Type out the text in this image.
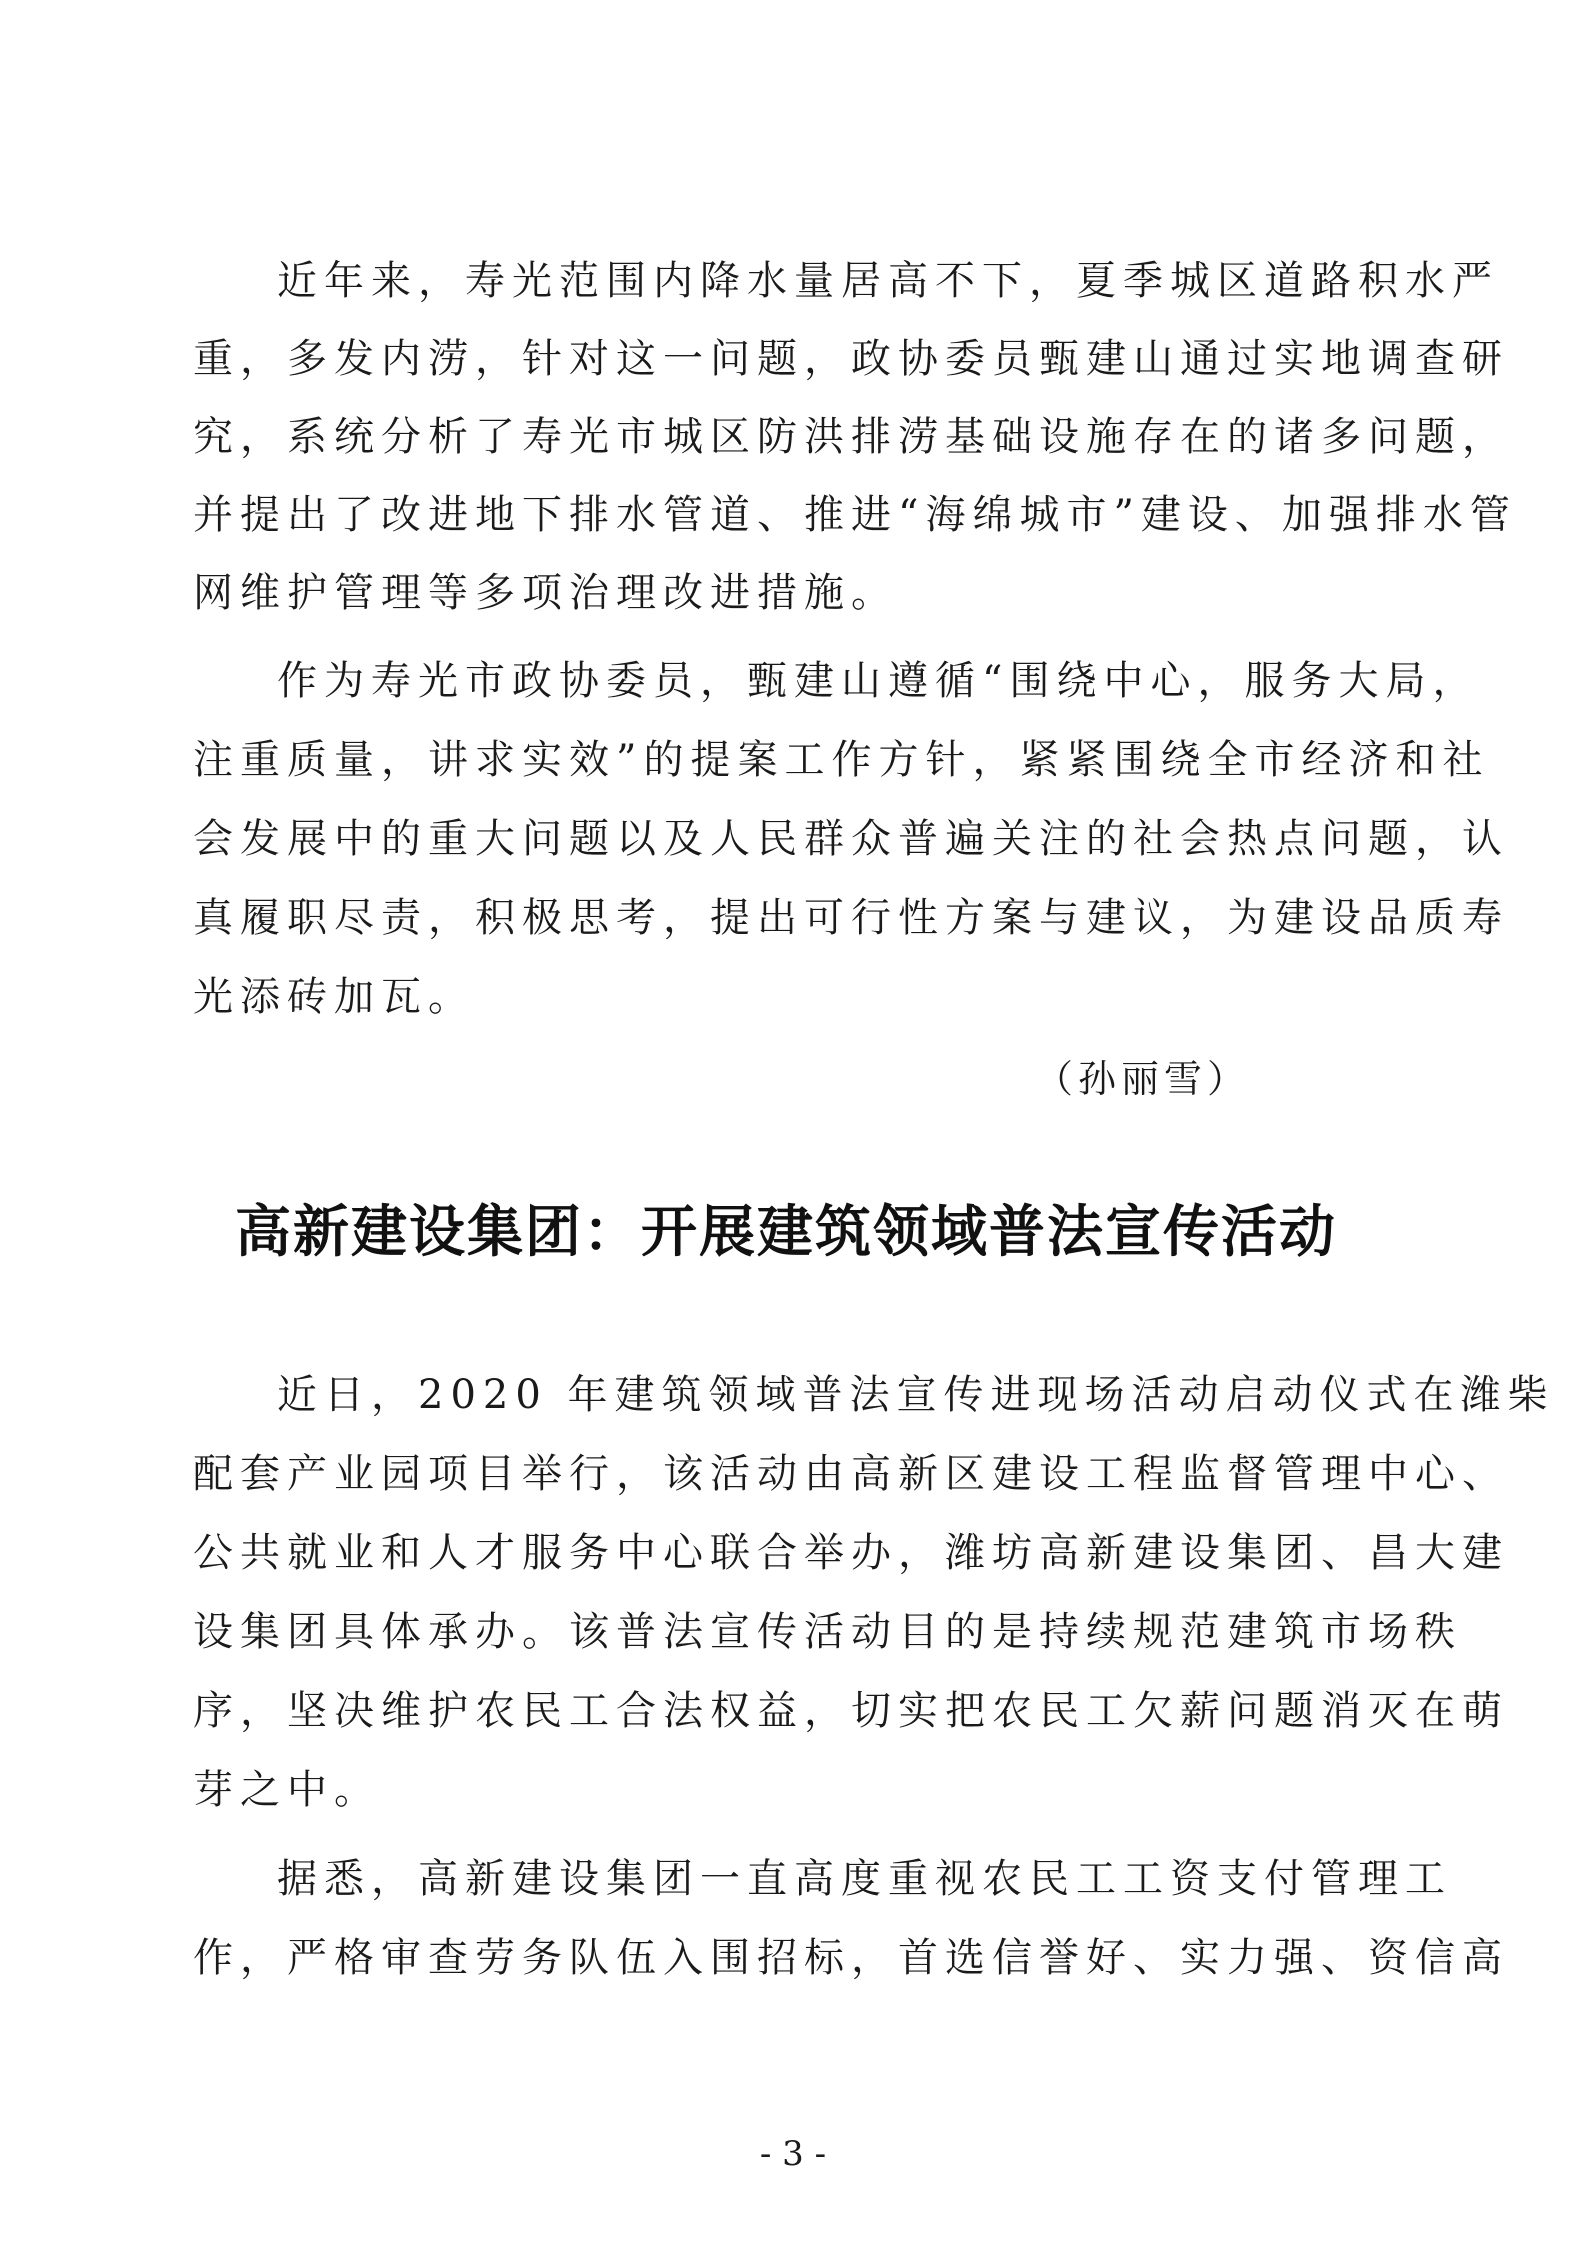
近年来，寿光范围内降水量居高不下，夏季城区道路积水严
重，多发内涝，针对这一问题，政协委员甄建山通过实地调查研
究，系统分析了寿光市城区防洪排涝基础设施存在的诸多问题，
并提出了改进地下排水管道、推进“海绵城市”建设、加强排水管
网维护管理等多项治理改进措施。
作为寿光市政协委员，甄建山遵循“围绕中心，服务大局，
注重质量，讲求实效”的提案工作方针，紧紧围绕全市经济和社
会发展中的重大问题以及人民群众普遍关注的社会热点问题，认
真履职尽责，积极思考，提出可行性方案与建议，为建设品质寿
光添砖加瓦。
（孙丽雪）
高新建设集团：开展建筑领域普法宣传活动
近日，2020 年建筑领域普法宣传进现场活动启动仪式在潍柴
配套产业园项目举行，该活动由高新区建设工程监督管理中心、
公共就业和人才服务中心联合举办，潍坊高新建设集团、昌大建
设集团具体承办。该普法宣传活动目的是持续规范建筑市场秩
序，坚决维护农民工合法权益，切实把农民工欠薪问题消灭在萌
芽之中。
据悉，高新建设集团一直高度重视农民工工资支付管理工
作，严格审查劳务队伍入围招标，首选信誉好、实力强、资信高
- 3 -
